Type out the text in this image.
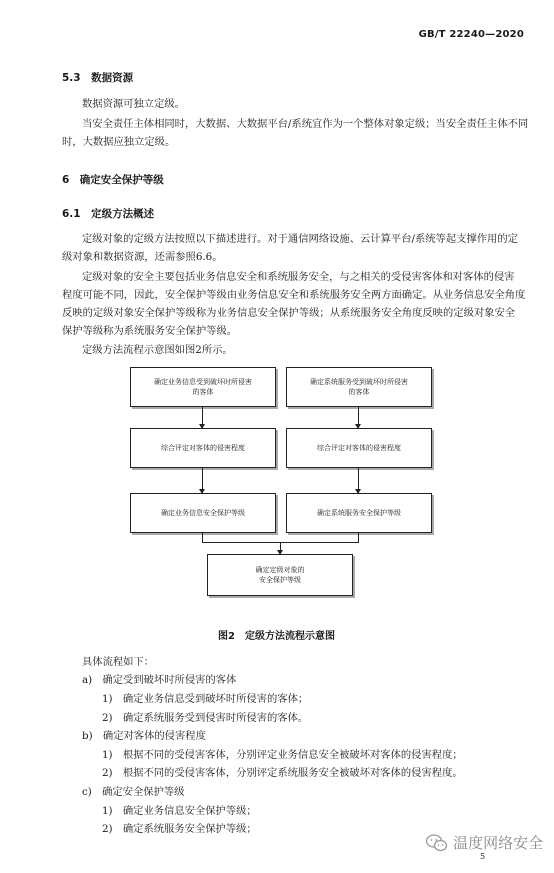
GB/T 22240—2020
5.3　数据资源
数据资源可独立定级。
当安全责任主体相同时，大数据、大数据平台/系统宜作为一个整体对象定级；当安全责任主体不同
时，大数据应独立定级。
6　确定安全保护等级
6.1　定级方法概述
定级对象的定级方法按照以下描述进行。对于通信网络设施、云计算平台/系统等起支撑作用的定
级对象和数据资源，还需参照6.6。
定级对象的安全主要包括业务信息安全和系统服务安全，与之相关的受侵害客体和对客体的侵害
程度可能不同，因此，安全保护等级由业务信息安全和系统服务安全两方面确定。从业务信息安全角度
反映的定级对象安全保护等级称为业务信息安全保护等级；从系统服务安全角度反映的定级对象安全
保护等级称为系统服务安全保护等级。
定级方法流程示意图如图2所示。
确定业务信息受到破坏时所侵害
的客体
确定系统服务受到破坏时所侵害
的客体
综合评定对客体的侵害程度	综合评定对客体的侵害程度
确定业务信息安全保护等级	确定系统服务安全保护等级
确定定级对象的
安全保护等级
图2　定级方法流程示意图
具体流程如下：
a)　确定受到破坏时所侵害的客体
1)　确定业务信息受到破坏时所侵害的客体；
2)　确定系统服务受到侵害时所侵害的客体。
b)　确定对客体的侵害程度
1)　根据不同的受侵害客体，分别评定业务信息安全被破坏对客体的侵害程度；
2)　根据不同的受侵害客体，分别评定系统服务安全被破坏对客体的侵害程度。
c)　确定安全保护等级
1)　确定业务信息安全保护等级；
2)　确定系统服务安全保护等级；
温度网络安全
5
